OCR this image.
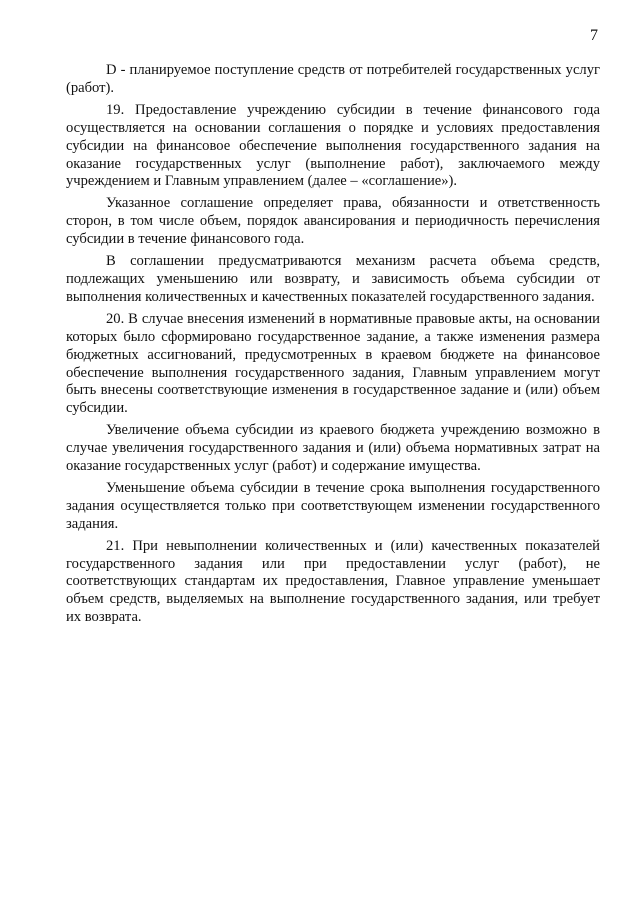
7

D - планируемое поступление средств от потребителей государственных услуг (работ).

19. Предоставление учреждению субсидии в течение финансового года осуществляется на основании соглашения о порядке и условиях предоставления субсидии на финансовое обеспечение выполнения государственного задания на оказание государственных услуг (выполнение работ), заключаемого между учреждением и Главным управлением (далее – «соглашение»).

Указанное соглашение определяет права, обязанности и ответственность сторон, в том числе объем, порядок авансирования и периодичность перечисления субсидии в течение финансового года.

В соглашении предусматриваются механизм расчета объема средств, подлежащих уменьшению или возврату, и зависимость объема субсидии от выполнения количественных и качественных показателей государственного задания.

20. В случае внесения изменений в нормативные правовые акты, на основании которых было сформировано государственное задание, а также изменения размера бюджетных ассигнований, предусмотренных в краевом бюджете на финансовое обеспечение выполнения государственного задания, Главным управлением могут быть внесены соответствующие изменения в государственное задание и (или) объем субсидии.

Увеличение объема субсидии из краевого бюджета учреждению возможно в случае увеличения государственного задания и (или) объема нормативных затрат на оказание государственных услуг (работ) и содержание имущества.

Уменьшение объема субсидии в течение срока выполнения государственного задания осуществляется только при соответствующем изменении государственного задания.

21. При невыполнении количественных и (или) качественных показателей государственного задания или при предоставлении услуг (работ), не соответствующих стандартам их предоставления, Главное управление уменьшает объем средств, выделяемых на выполнение государственного задания, или требует их возврата.
